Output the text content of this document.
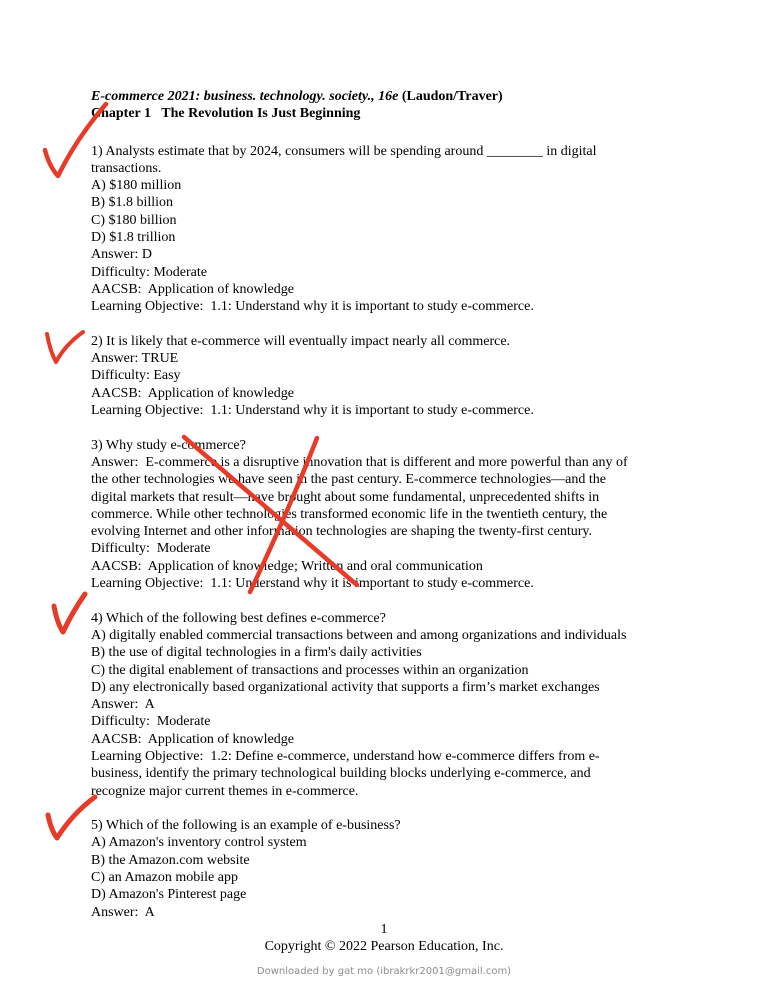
E-commerce 2021: business. technology. society., 16e (Laudon/Traver)
Chapter 1   The Revolution Is Just Beginning
1) Analysts estimate that by 2024, consumers will be spending around ________ in digital
transactions.
A) $180 million
B) $1.8 billion
C) $180 billion
D) $1.8 trillion
Answer: D
Difficulty: Moderate
AACSB:  Application of knowledge
Learning Objective:  1.1: Understand why it is important to study e-commerce.
2) It is likely that e-commerce will eventually impact nearly all commerce.
Answer: TRUE
Difficulty: Easy
AACSB:  Application of knowledge
Learning Objective:  1.1: Understand why it is important to study e-commerce.
3) Why study e-commerce?
Answer:  E-commerce is a disruptive innovation that is different and more powerful than any of
the other technologies we have seen in the past century. E-commerce technologies—and the
digital markets that result—have brought about some fundamental, unprecedented shifts in
commerce. While other technologies transformed economic life in the twentieth century, the
evolving Internet and other information technologies are shaping the twenty-first century.
Difficulty:  Moderate
AACSB:  Application of knowledge; Written and oral communication
Learning Objective:  1.1: Understand why it is important to study e-commerce.
4) Which of the following best defines e-commerce?
A) digitally enabled commercial transactions between and among organizations and individuals
B) the use of digital technologies in a firm's daily activities
C) the digital enablement of transactions and processes within an organization
D) any electronically based organizational activity that supports a firm’s market exchanges
Answer:  A
Difficulty:  Moderate
AACSB:  Application of knowledge
Learning Objective:  1.2: Define e-commerce, understand how e-commerce differs from e-
business, identify the primary technological building blocks underlying e-commerce, and
recognize major current themes in e-commerce.
5) Which of the following is an example of e-business?
A) Amazon's inventory control system
B) the Amazon.com website
C) an Amazon mobile app
D) Amazon's Pinterest page
Answer:  A
1
Copyright © 2022 Pearson Education, Inc.
Downloaded by gat mo (ibrakrkr2001@gmail.com)
